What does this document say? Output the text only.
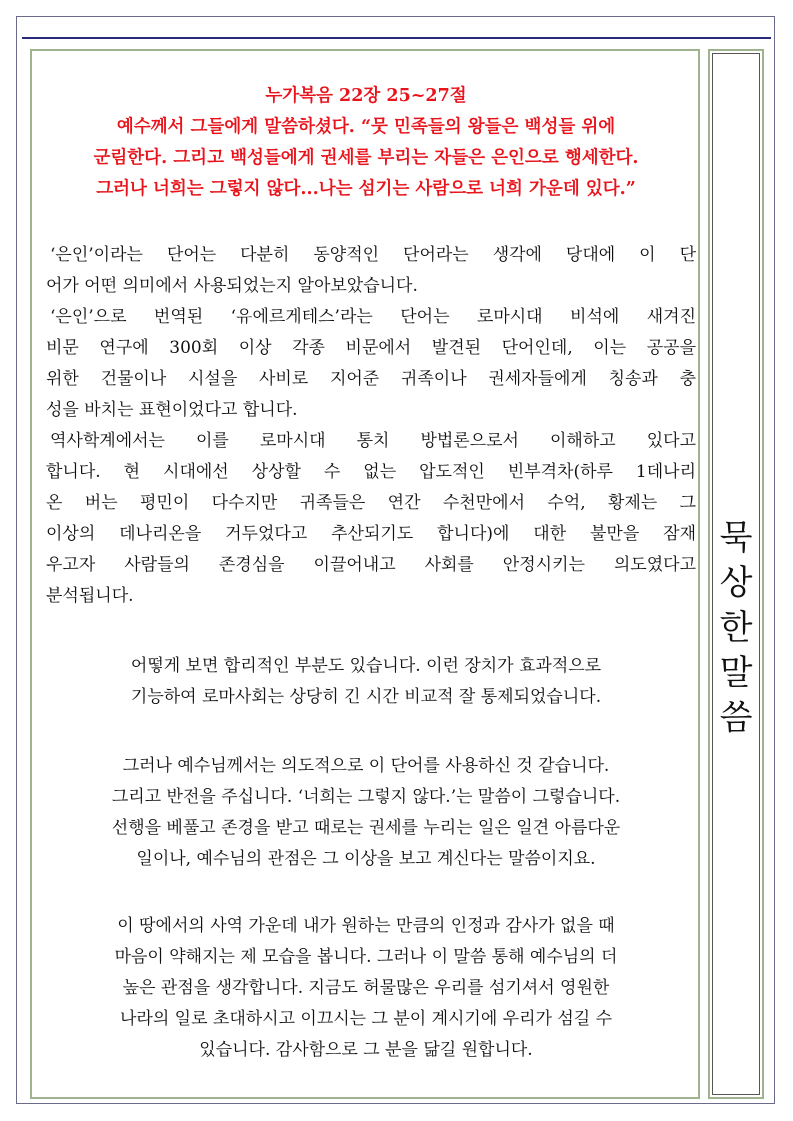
누가복음 22장 25~27절
예수께서 그들에게 말씀하셨다. “뭇 민족들의 왕들은 백성들 위에
군림한다. 그리고 백성들에게 권세를 부리는 자들은 은인으로 행세한다.
그러나 너희는 그렇지 않다...나는 섬기는 사람으로 너희 가운데 있다.”
‘은인’이라는 단어는 다분히 동양적인 단어라는 생각에 당대에 이 단
어가 어떤 의미에서 사용되었는지 알아보았습니다.
‘은인’으로 번역된 ‘유에르게테스’라는 단어는 로마시대 비석에 새겨진
비문 연구에 300회 이상 각종 비문에서 발견된 단어인데, 이는 공공을
위한 건물이나 시설을 사비로 지어준 귀족이나 권세자들에게 칭송과 충
성을 바치는 표현이었다고 합니다.
역사학계에서는 이를 로마시대 통치 방법론으로서 이해하고 있다고
합니다. 현 시대에선 상상할 수 없는 압도적인 빈부격차(하루 1데나리
온 버는 평민이 다수지만 귀족들은 연간 수천만에서 수억, 황제는 그
이상의 데나리온을 거두었다고 추산되기도 합니다)에 대한 불만을 잠재
우고자 사람들의 존경심을 이끌어내고 사회를 안정시키는 의도였다고
분석됩니다.
어떻게 보면 합리적인 부분도 있습니다. 이런 장치가 효과적으로
기능하여 로마사회는 상당히 긴 시간 비교적 잘 통제되었습니다.
그러나 예수님께서는 의도적으로 이 단어를 사용하신 것 같습니다.
그리고 반전을 주십니다. ‘너희는 그렇지 않다.’는 말씀이 그렇습니다.
선행을 베풀고 존경을 받고 때로는 권세를 누리는 일은 일견 아름다운
일이나, 예수님의 관점은 그 이상을 보고 계신다는 말씀이지요.
이 땅에서의 사역 가운데 내가 원하는 만큼의 인정과 감사가 없을 때
마음이 약해지는 제 모습을 봅니다. 그러나 이 말씀 통해 예수님의 더
높은 관점을 생각합니다. 지금도 허물많은 우리를 섬기셔서 영원한
나라의 일로 초대하시고 이끄시는 그 분이 계시기에 우리가 섬길 수
있습니다. 감사함으로 그 분을 닮길 원합니다.
묵
상
한
말
씀
